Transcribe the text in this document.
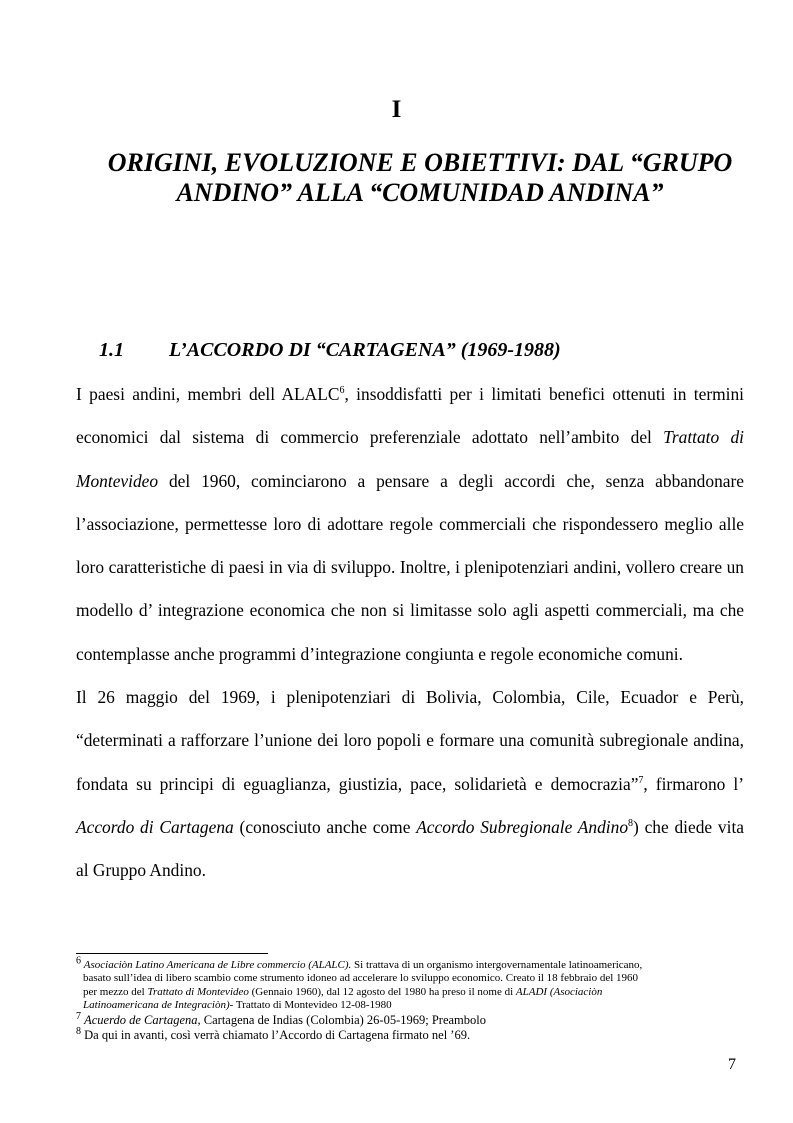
I
ORIGINI, EVOLUZIONE E OBIETTIVI: DAL “GRUPO
ANDINO” ALLA “COMUNIDAD ANDINA”
1.1 L’ACCORDO DI “CARTAGENA” (1969-1988)

I paesi andini, membri dell ALALC$^6$, insoddisfatti per i limitati benefici ottenuti in termini economici dal sistema di commercio preferenziale adottato nell’ambito del Trattato di Montevideo del 1960, cominciarono a pensare a degli accordi che, senza abbandonare l’associazione, permettesse loro di adottare regole commerciali che rispondessero meglio alle loro caratteristiche di paesi in via di sviluppo. Inoltre, i plenipotenziari andini, vollero creare un modello d’ integrazione economica che non si limitasse solo agli aspetti commerciali, ma che contemplasse anche programmi d’integrazione congiunta e regole economiche comuni.

Il 26 maggio del 1969, i plenipotenziari di Bolivia, Colombia, Cile, Ecuador e Perù, “determinati a rafforzare l’unione dei loro popoli e formare una comunità subregionale andina, fondata su principi di eguaglianza, giustizia, pace, solidarietà e democrazia”$^7$, firmarono l’ Accordo di Cartagena (conosciuto anche come Accordo Subregionale Andino$^8$) che diede vita al Gruppo Andino.

$^6$ Asociaciòn Latino Americana de Libre commercio (ALALC). Si trattava di un organismo intergovernamentale latinoamericano,
basato sull’idea di libero scambio come strumento idoneo ad accelerare lo sviluppo economico. Creato il 18 febbraio del 1960
per mezzo del Trattato di Montevideo (Gennaio 1960), dal 12 agosto del 1980 ha preso il nome di ALADI (Asociaciòn
Latinoamericana de Integraciòn)- Trattato di Montevideo 12-08-1980
$^7$ Acuerdo de Cartagena, Cartagena de Indias (Colombia) 26-05-1969; Preambolo
$^8$ Da qui in avanti, così verrà chiamato l’Accordo di Cartagena firmato nel ’69.
7
